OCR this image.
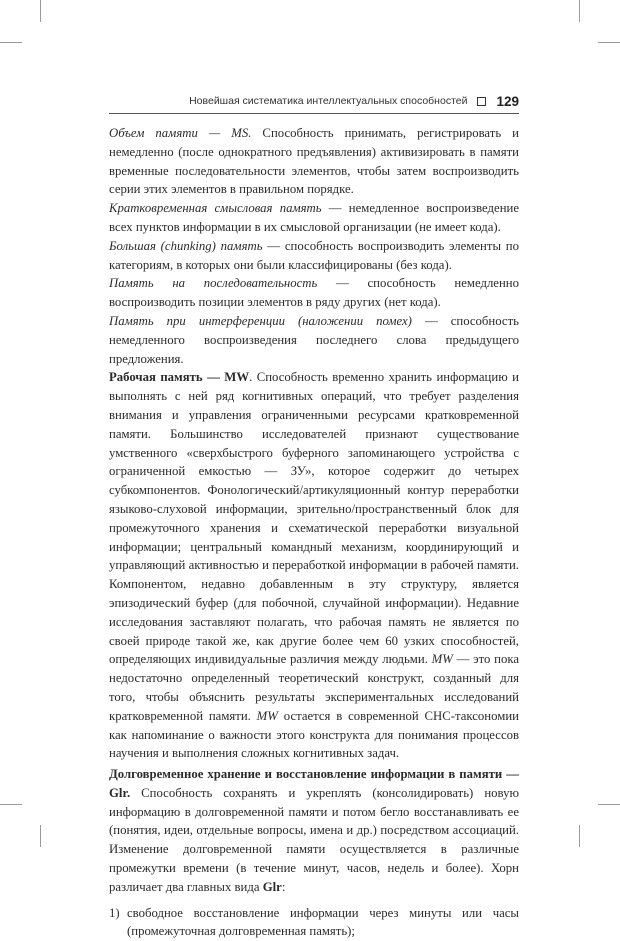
Новейшая систематика интеллектуальных способностей 129

Объем памяти — MS. Способность принимать, регистрировать и немедленно (после однократного предъявления) активизировать в памяти временные последовательности элементов, чтобы затем воспроизводить серии этих элементов в правильном порядке.

Кратковременная смысловая память — немедленное воспроизведение всех пунктов информации в их смысловой организации (не имеет кода).

Большая (chunking) память — способность воспроизводить элементы по категориям, в которых они были классифицированы (без кода).

Память на последовательность — способность немедленно воспроизводить позиции элементов в ряду других (нет кода).

Память при интерференции (наложении помех) — способность немедленного воспроизведения последнего слова предыдущего предложения.

Рабочая память — MW. Способность временно хранить информацию и выполнять с ней ряд когнитивных операций, что требует разделения внимания и управления ограниченными ресурсами кратковременной памяти. Большинство исследователей признают существование умственного «сверхбыстрого буферного запоминающего устройства с ограниченной емкостью — ЗУ», которое содержит до четырех субкомпонентов. Фонологический/артикуляционный контур переработки языково-слуховой информации, зрительно/пространственный блок для промежуточного хранения и схематической переработки визуальной информации; центральный командный механизм, координирующий и управляющий активностью и переработкой информации в рабочей памяти. Компонентом, недавно добавленным в эту структуру, является эпизодический буфер (для побочной, случайной информации). Недавние исследования заставляют полагать, что рабочая память не является по своей природе такой же, как другие более чем 60 узких способностей, определяющих индивидуальные различия между людьми. MW — это пока недостаточно определенный теоретический конструкт, созданный для того, чтобы объяснить результаты экспериментальных исследований кратковременной памяти. MW остается в современной СНС-таксономии как напоминание о важности этого конструкта для понимания процессов научения и выполнения сложных когнитивных задач.

Долговременное хранение и восстановление информации в памяти — Glr. Способность сохранять и укреплять (консолидировать) новую информацию в долговременной памяти и потом бегло восстанавливать ее (понятия, идеи, отдельные вопросы, имена и др.) посредством ассоциаций. Изменение долговременной памяти осуществляется в различные промежутки времени (в течение минут, часов, недель и более). Хорн различает два главных вида Glr:

1) свободное восстановление информации через минуты или часы (промежуточная долговременная память);
